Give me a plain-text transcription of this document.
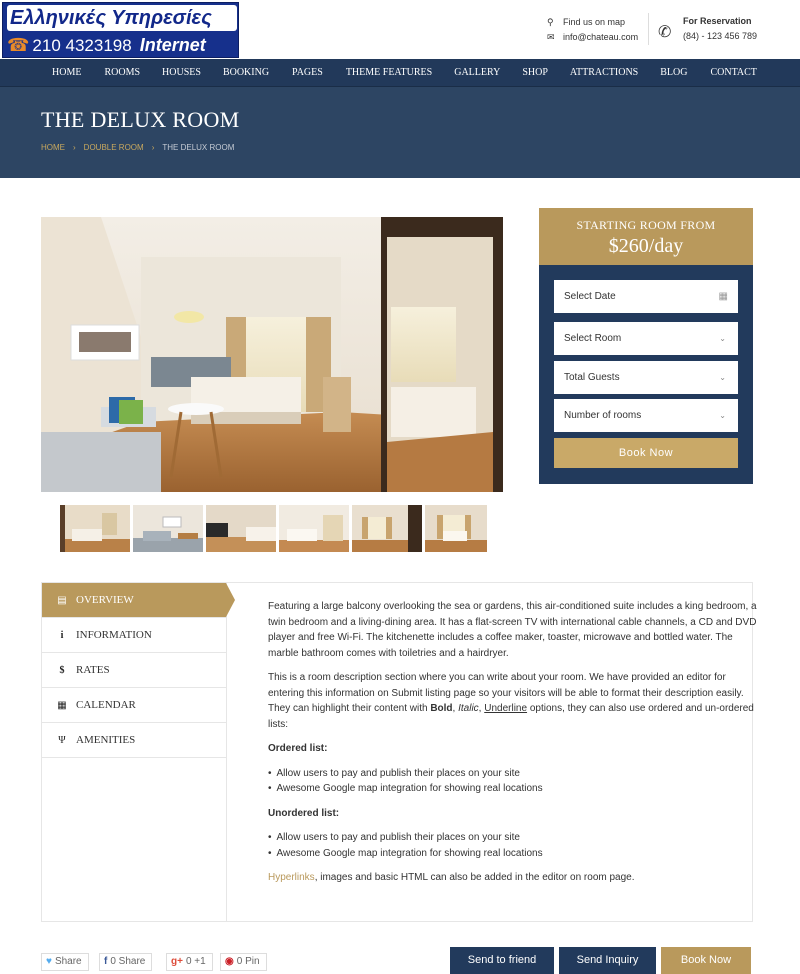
Ελληνικές Υπηρεσίες
☎ 210 4323198 Internet
⚲	Find us on map
✉ info@chateau.com ✆
For Reservation
(84) - 123 456 789
HOME ROOMS HOUSES BOOKING PAGES THEME FEATURES GALLERY SHOP ATTRACTIONS BLOG CONTACT
THE DELUX ROOM
HOME › DOUBLE ROOM › THE DELUX ROOM
STARTING ROOM FROM
$260/day
Select Date	▦
Select Room	⌄
Total Guests	⌄
Number of rooms	⌄
Book Now
▤ OVERVIEW
i	INFORMATION
$	RATES
▦ CALENDAR
Ψ AMENITIES

Featuring a large balcony overlooking the sea or gardens, this air-conditioned suite includes a king bedroom, a twin bedroom and a living-dining area. It has a flat-screen TV with international cable channels, a CD and DVD player and free Wi-Fi. The kitchenette includes a coffee maker, toaster, microwave and bottled water. The marble bathroom comes with toiletries and a hairdryer.

This is a room description section where you can write about your room. We have provided an editor for entering this information on Submit listing page so your visitors will be able to format their description easily. They can highlight their content with Bold, Italic, Underline options, they can also use ordered and un-ordered lists:

Ordered list:
• Allow users to pay and publish their places on your site
• Awesome Google map integration for showing real locations
Unordered list:
• Allow users to pay and publish their places on your site
• Awesome Google map integration for showing real locations

Hyperlinks, images and basic HTML can also be added in the editor on room page.

♥ Share	f 0 Share	g+ 0 +1	◉ 0 Pin	Send to friend	Send Inquiry	Book Now
